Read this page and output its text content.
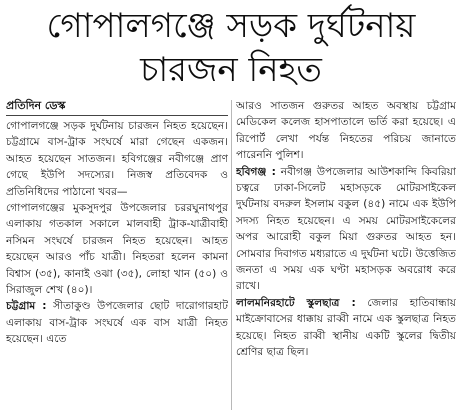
গোপালগঞ্জে সড়ক দুর্ঘটনায়
চারজন নিহত
প্রতিদিন ডেস্ক

গোপালগঞ্জে সড়ক দুর্ঘটনায় চারজন নিহত হয়েছেন। চট্টগ্রামে বাস-ট্রাক সংঘর্ষে মারা গেছেন একজন। আহত হয়েছেন সাতজন। হবিগঞ্জের নবীগঞ্জে প্রাণ গেছে ইউপি সদস্যের। নিজস্ব প্রতিবেদক ও প্রতিনিধিদের পাঠানো খবর—

গোপালগঞ্জের মুকসুদপুর উপজেলার চররঘুনাথপুর এলাকায় গতকাল সকালে মালবাহী ট্রাক-যাত্রীবাহী নসিমন সংঘর্ষে চারজন নিহত হয়েছেন। আহত হয়েছেন আরও পাঁচ যাত্রী। নিহতরা হলেন কামনা বিশ্বাস (৩৫), কানাই ওঝা (৩৫), লোহা খান (৫০) ও সিরাজুল শেখ (৪০)।

চট্টগ্রাম : সীতাকুণ্ড উপজেলার ছোট দারোগারহাট এলাকায় বাস-ট্রাক সংঘর্ষে এক বাস যাত্রী নিহত হয়েছেন। এতে

আরও সাতজন গুরুতর আহত অবস্থায় চট্টগ্রাম মেডিকেল কলেজ হাসপাতালে ভর্তি করা হয়েছে। এ রিপোর্ট লেখা পর্যন্ত নিহতের পরিচয় জানাতে পারেননি পুলিশ।

হবিগঞ্জ : নবীগঞ্জ উপজেলার আউশকান্দি কিবরিয়া চত্বরে ঢাকা-সিলেট মহাসড়কে মোটরসাইকেল দুর্ঘটনায় বদরুল ইসলাম বকুল (৪৫) নামে এক ইউপি সদস্য নিহত হয়েছেন। এ সময় মোটরসাইকেলের অপর আরোহী বকুল মিয়া গুরুতর আহত হন। সোমবার দিবাগত মধ্যরাতে এ দুর্ঘটনা ঘটে। উত্তেজিত জনতা এ সময় এক ঘণ্টা মহাসড়ক অবরোধ করে রাখে।

লালমনিরহাটে স্কুলছাত্র : জেলার হাতিবান্ধায় মাইক্রোবাসের ধাক্কায় রাব্বী নামে এক স্কুলছাত্র নিহত হয়েছে। নিহত রাব্বী স্থানীয় একটি স্কুলের দ্বিতীয় শ্রেণির ছাত্র ছিল।
